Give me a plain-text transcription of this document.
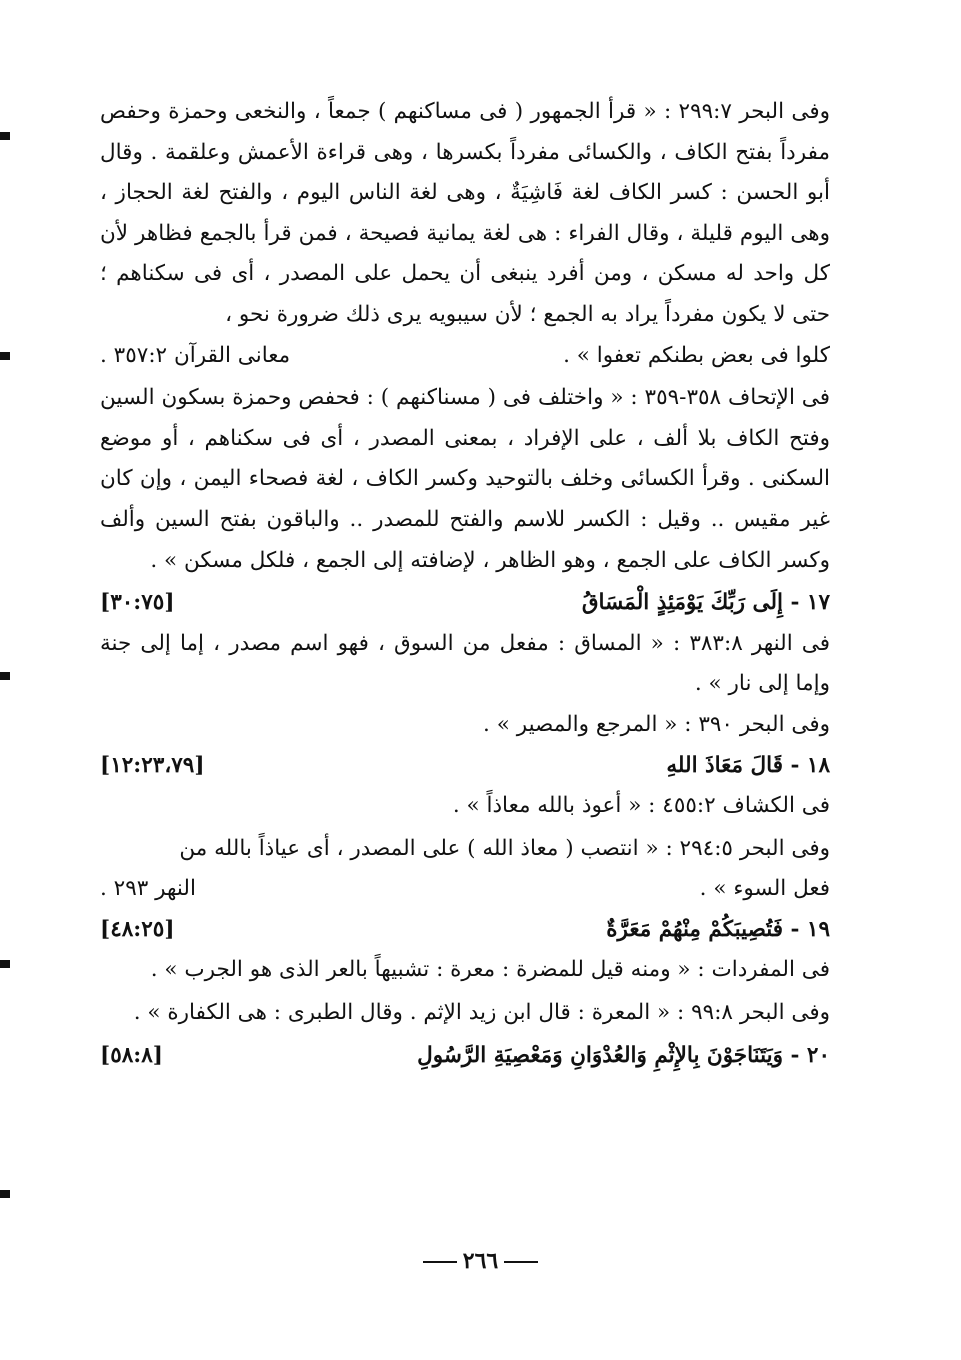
وفى البحر ٢٩٩:٧ : « قرأ الجمهور ( فى مساكنهم ) جمعاً ، والنخعى وحمزة وحفص مفرداً بفتح الكاف ، والكسائى مفرداً بكسرها ، وهى قراءة الأعمش وعلقمة . وقال أبو الحسن : كسر الكاف لغة فَاشِيَةٌ ، وهى لغة الناس اليوم ، والفتح لغة الحجاز ، وهى اليوم قليلة ، وقال الفراء : هى لغة يمانية فصيحة ، فمن قرأ بالجمع فظاهر لأن كل واحد له مسكن ، ومن أفرد ينبغى أن يحمل على المصدر ، أى فى سكناهم ؛ حتى لا يكون مفرداً يراد به الجمع ؛ لأن سيبويه يرى ذلك ضرورة نحو ،
كلوا فى بعض بطنكم تعفوا » .
معانى القرآن ٣٥٧:٢ .
فى الإتحاف ٣٥٨-٣٥٩ : « واختلف فى ( مسناكنهم ) : فحفص وحمزة بسكون السين وفتح الكاف بلا ألف ، على الإفراد ، بمعنى المصدر ، أى فى سكناهم ، أو موضع السكنى . وقرأ الكسائى وخلف بالتوحيد وكسر الكاف ، لغة فصحاء اليمن ، وإن كان غير مقيس .. وقيل : الكسر للاسم والفتح للمصدر .. والباقون بفتح السين وألف وكسر الكاف على الجمع ، وهو الظاهر ، لإضافته إلى الجمع ، فلكل مسكن » .
١٧ - إِلَى رَبِّكَ يَوْمَئِذٍ الْمَسَاقُ
[٣٠:٧٥]
فى النهر ٣٨٣:٨ : « المساق : مفعل من السوق ، فهو اسم مصدر ، إما إلى جنة وإما إلى نار » .
وفى البحر ٣٩٠ : « المرجع والمصير » .
١٨ - قَالَ مَعَاذَ اللهِ
[١٢:٢٣،٧٩]
فى الكشاف ٤٥٥:٢ : « أعوذ بالله معاذاً » .
وفى البحر ٢٩٤:٥ : « انتصب ( معاذ الله ) على المصدر ، أى عياذاً بالله من
فعل السوء » .
النهر ٢٩٣ .
١٩ - فَتُصِيبَكُمْ مِنْهُمْ مَعَرَّةٌ
[٤٨:٢٥]
فى المفردات : « ومنه قيل للمضرة : معرة : تشبيهاً بالعر الذى هو الجرب » .
وفى البحر ٩٩:٨ : « المعرة : قال ابن زيد الإثم . وقال الطبرى : هى الكفارة » .
٢٠ - وَيَتَنَاجَوْنَ بِالإِثْمِ وَالعُدْوَانِ وَمَعْصِيَةِ الرَّسُولِ
[٥٨:٨]
٢٦٦
